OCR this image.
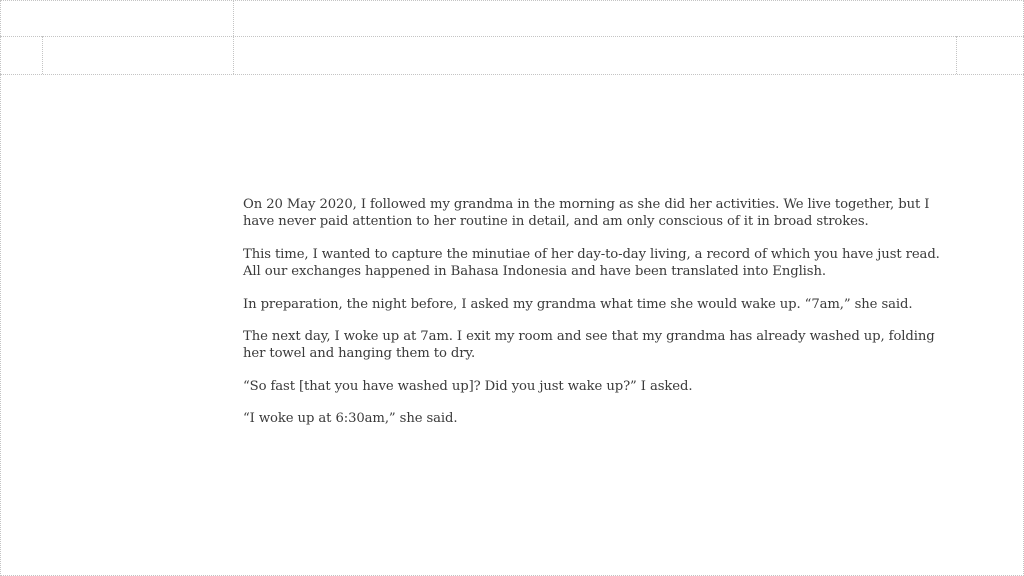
On 20 May 2020, I followed my grandma in the morning as she did her activities. We live together, but I have never paid attention to her routine in detail, and am only conscious of it in broad strokes.

This time, I wanted to capture the minutiae of her day-to-day living, a record of which you have just read. All our exchanges happened in Bahasa Indonesia and have been translated into English.

In preparation, the night before, I asked my grandma what time she would wake up. “7am,” she said.

The next day, I woke up at 7am. I exit my room and see that my grandma has already washed up, folding her towel and hanging them to dry.

“So fast [that you have washed up]? Did you just wake up?” I asked.

“I woke up at 6:30am,” she said.
